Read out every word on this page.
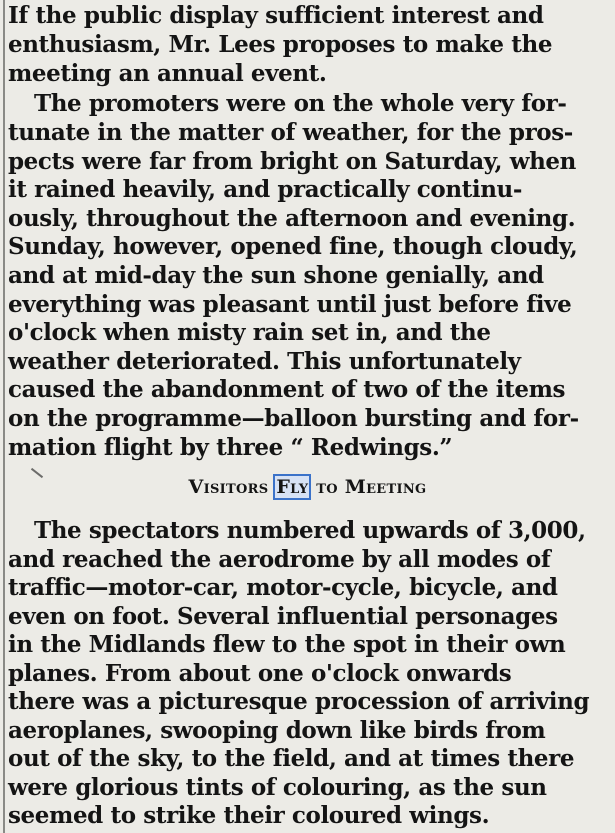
If the public display sufficient interest and
enthusiasm, Mr. Lees proposes to make the
meeting an annual event.
The promoters were on the whole very for-
tunate in the matter of weather, for the pros-
pects were far from bright on Saturday, when
it rained heavily, and practically continu-
ously, throughout the afternoon and evening.
Sunday, however, opened fine, though cloudy,
and at mid-day the sun shone genially, and
everything was pleasant until just before five
o'clock when misty rain set in, and the
weather deteriorated. This unfortunately
caused the abandonment of two of the items
on the programme—balloon bursting and for-
mation flight by three “ Redwings.”
Visitors Fly to Meeting
The spectators numbered upwards of 3,000,
and reached the aerodrome by all modes of
traffic—motor-car, motor-cycle, bicycle, and
even on foot. Several influential personages
in the Midlands flew to the spot in their own
planes. From about one o'clock onwards
there was a picturesque procession of arriving
aeroplanes, swooping down like birds from
out of the sky, to the field, and at times there
were glorious tints of colouring, as the sun
seemed to strike their coloured wings.
